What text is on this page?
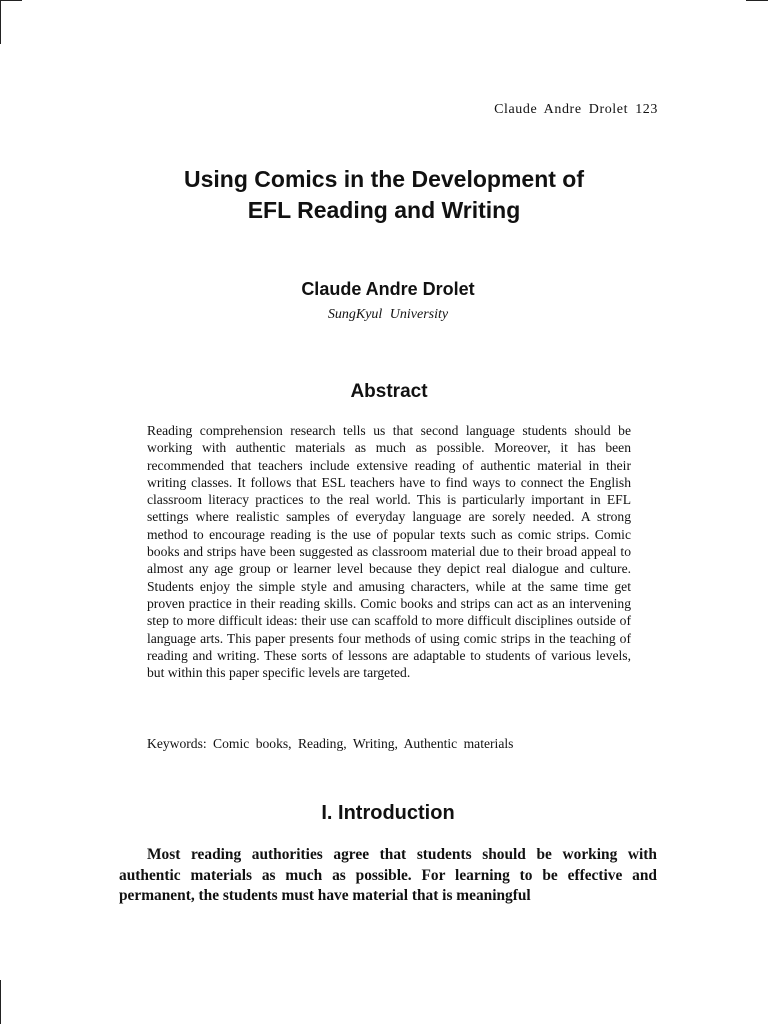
Claude Andre Drolet 123
Using Comics in the Development of
EFL Reading and Writing
Claude Andre Drolet
SungKyul University
Abstract

Reading comprehension research tells us that second language students should be working with authentic materials as much as possible. Moreover, it has been recommended that teachers include extensive reading of authentic material in their writing classes. It follows that ESL teachers have to find ways to connect the English classroom literacy practices to the real world. This is particularly important in EFL settings where realistic samples of everyday language are sorely needed. A strong method to encourage reading is the use of popular texts such as comic strips. Comic books and strips have been suggested as classroom material due to their broad appeal to almost any age group or learner level because they depict real dialogue and culture. Students enjoy the simple style and amusing characters, while at the same time get proven practice in their reading skills. Comic books and strips can act as an intervening step to more difficult ideas: their use can scaffold to more difficult disciplines outside of language arts. This paper presents four methods of using comic strips in the teaching of reading and writing. These sorts of lessons are adaptable to students of various levels, but within this paper specific levels are targeted.

Keywords: Comic books, Reading, Writing, Authentic materials

I. Introduction

Most reading authorities agree that students should be working with authentic materials as much as possible. For learning to be effective and permanent, the students must have material that is meaningful
